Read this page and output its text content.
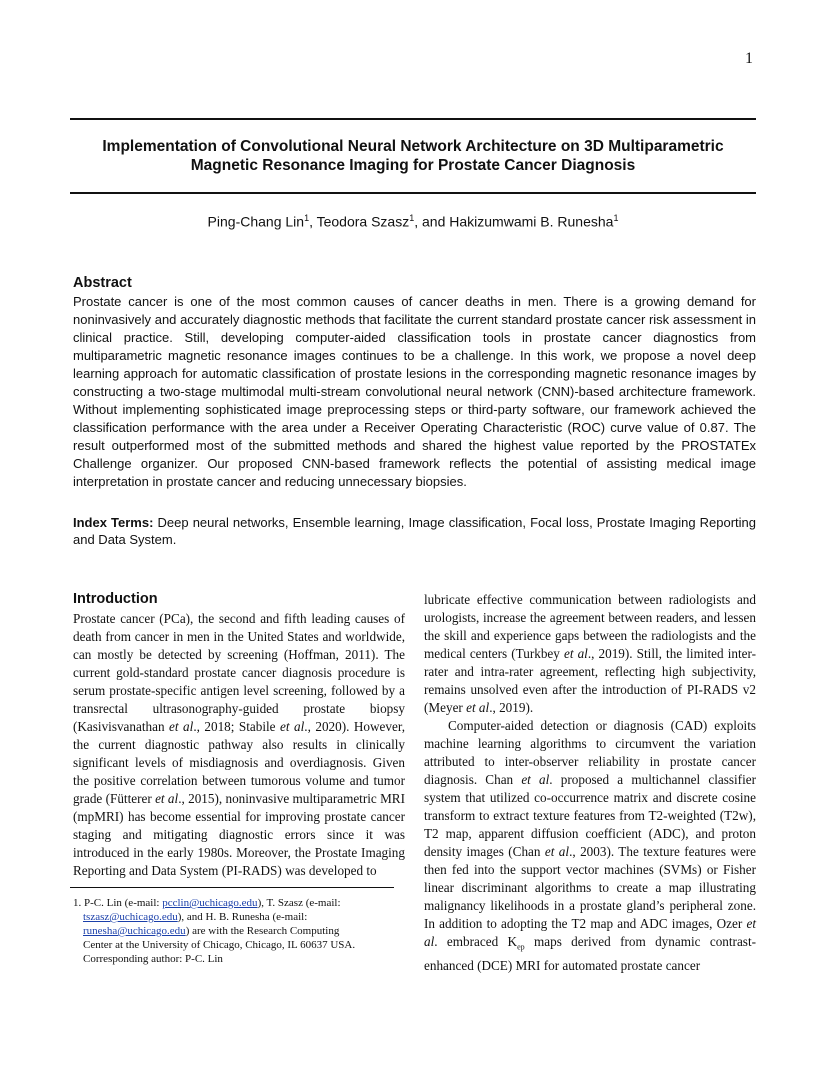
1
Implementation of Convolutional Neural Network Architecture on 3D Multiparametric
Magnetic Resonance Imaging for Prostate Cancer Diagnosis
Ping-Chang Lin$^1$, Teodora Szasz$^1$, and Hakizumwami B. Runesha$^1$
Abstract
Prostate cancer is one of the most common causes of cancer deaths in men. There is a growing demand for noninvasively and accurately diagnostic methods that facilitate the current standard prostate cancer risk assessment in clinical practice. Still, developing computer-aided classification tools in prostate cancer diagnostics from multiparametric magnetic resonance images continues to be a challenge. In this work, we propose a novel deep learning approach for automatic classification of prostate lesions in the corresponding magnetic resonance images by constructing a two-stage multimodal multi-stream convolutional neural network (CNN)-based architecture framework. Without implementing sophisticated image preprocessing steps or third-party software, our framework achieved the classification performance with the area under a Receiver Operating Characteristic (ROC) curve value of 0.87. The result outperformed most of the submitted methods and shared the highest value reported by the PROSTATEx Challenge organizer. Our proposed CNN-based framework reflects the potential of assisting medical image interpretation in prostate cancer and reducing unnecessary biopsies.
Index Terms: Deep neural networks, Ensemble learning, Image classification, Focal loss, Prostate Imaging Reporting and Data System.
Introduction

Prostate cancer (PCa), the second and fifth leading causes of death from cancer in men in the United States and worldwide, can mostly be detected by screening (Hoffman, 2011). The current gold-standard prostate cancer diagnosis procedure is serum prostate-specific antigen level screening, followed by a transrectal ultrasonography-guided prostate biopsy (Kasivisvanathan et al., 2018; Stabile et al., 2020). However, the current diagnostic pathway also results in clinically significant levels of misdiagnosis and overdiagnosis. Given the positive correlation between tumorous volume and tumor grade (Fütterer et al., 2015), noninvasive multiparametric MRI (mpMRI) has become essential for improving prostate cancer staging and mitigating diagnostic errors since it was introduced in the early 1980s. Moreover, the Prostate Imaging Reporting and Data System (PI-RADS) was developed to

lubricate effective communication between radiologists and urologists, increase the agreement between readers, and lessen the skill and experience gaps between the radiologists and the medical centers (Turkbey et al., 2019). Still, the limited inter-rater and intra-rater agreement, reflecting high subjectivity, remains unsolved even after the introduction of PI-RADS v2 (Meyer et al., 2019).

Computer-aided detection or diagnosis (CAD) exploits machine learning algorithms to circumvent the variation attributed to inter-observer reliability in prostate cancer diagnosis. Chan et al. proposed a multichannel classifier system that utilized co-occurrence matrix and discrete cosine transform to extract texture features from T2-weighted (T2w), T2 map, apparent diffusion coefficient (ADC), and proton density images (Chan et al., 2003). The texture features were then fed into the support vector machines (SVMs) or Fisher linear discriminant algorithms to create a map illustrating malignancy likelihoods in a prostate gland’s peripheral zone. In addition to adopting the T2 map and ADC images, Ozer et al. embraced $K_{ep}$ maps derived from dynamic contrast-enhanced (DCE) MRI for automated prostate cancer

1. P-C. Lin (e-mail: pcclin@uchicago.edu), T. Szasz (e-mail:
tszasz@uchicago.edu), and H. B. Runesha (e-mail:
runesha@uchicago.edu) are with the Research Computing
Center at the University of Chicago, Chicago, IL 60637 USA.
Corresponding author: P-C. Lin
